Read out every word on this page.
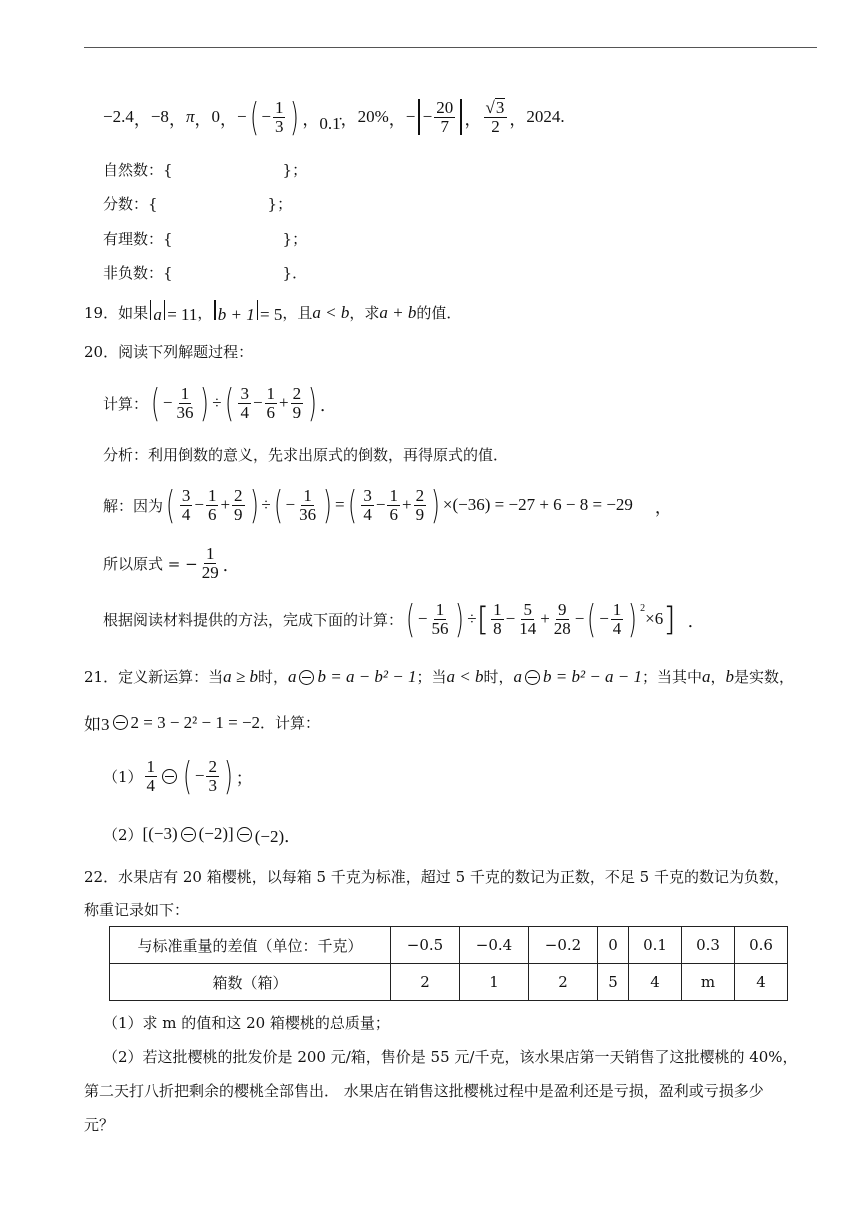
−2.4 ， −8 ， π ， 0 ， − ( − $\frac{1}{3}$ ) ， 0.1̇ ， 20% ， − − $\frac{20}{7}$ ， $\frac{√ 3}{2}$ ， 2024.
自然数：{	}；
分数：{	}；
有理数：{	}；
非负数：{	}．
19． 如果 a = 11 ， b + 1 = 5 ，且 a < b ，求 a + b 的值．
20． 阅读下列解题过程：
计算： ( − $\frac{1}{36}$ ) ÷ ( $\frac{3}{4} - \frac{1}{6} + \frac{2}{9}$ ) ．
分析：利用倒数的意义，先求出原式的倒数，再得原式的值．
解：因为 ( $\frac{3}{4} - \frac{1}{6} + \frac{2}{9}$ ) ÷ ( − $\frac{1}{36}$ ) = ( $\frac{3}{4} - \frac{1}{6} + \frac{2}{9}$ ) ×(−36) = −27 + 6 − 8 = −29 ，
所以原式 = − $\frac{1}{29}$ ．
根据阅读材料提供的方法，完成下面的计算： ( − $\frac{1}{56}$ ) ÷ [ $\frac{1}{8} - \frac{5}{14} + \frac{9}{28}$ − ( − $\frac{1}{4}$ ) $^2$
×6 ] ．
21． 定义新运算：当 a ≥ b 时， a b = a − b² − 1 ；当 a < b 时， a b = b² − a − 1 ；当其中 a ， b 是实数，
如3 2 = 3 − 2² − 1 = −2 ．计算：
$(1) \frac{1}{4}$ ( − $\frac{2}{3}$ ) ；
（2） [(−3) (−2)] (−2)．
22． 水果店有 20 箱樱桃，以每箱 5 千克为标准，超过 5 千克的数记为正数，不足 5 千克的数记为负数，
称重记录如下：
与标准重量的差值（单位：千克）	−0.5	−0.4	−0.2	0	0.1	0.3	0.6
箱数（箱）	2	1	2	5	4	m	4
（1）求 m 的值和这 20 箱樱桃的总质量；
（2）若这批樱桃的批发价是 200 元/箱，售价是 55 元/千克，该水果店第一天销售了这批樱桃的 40%，
第二天打八折把剩余的樱桃全部售出． 水果店在销售这批樱桃过程中是盈利还是亏损，盈利或亏损多少
元？
